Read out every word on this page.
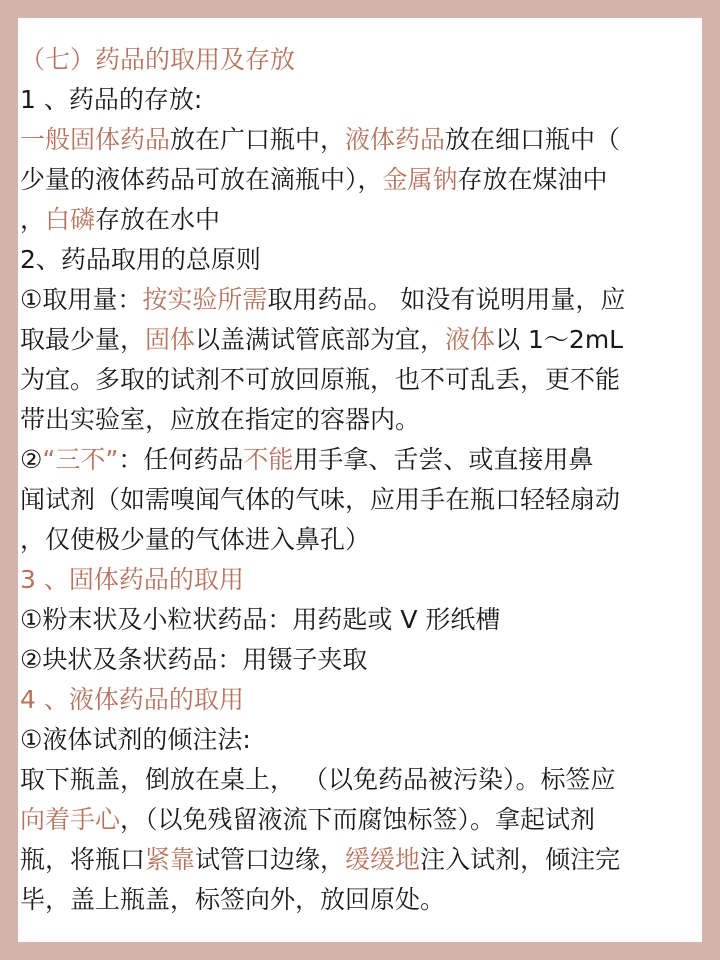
（七）药品的取用及存放
1 、药品的存放:
一般固体药品放在广口瓶中，液体药品放在细口瓶中（
少量的液体药品可放在滴瓶中），金属钠存放在煤油中
，白磷存放在水中
2、药品取用的总原则
①取用量：按实验所需取用药品。 如没有说明用量，应
取最少量，固体以盖满试管底部为宜，液体以 1～2mL
为宜。多取的试剂不可放回原瓶，也不可乱丢，更不能
带出实验室，应放在指定的容器内。
②“三不”：任何药品不能用手拿、舌尝、或直接用鼻
闻试剂（如需嗅闻气体的气味，应用手在瓶口轻轻扇动
，仅使极少量的气体进入鼻孔）
3 、固体药品的取用
①粉末状及小粒状药品：用药匙或 V 形纸槽
②块状及条状药品：用镊子夹取
4 、液体药品的取用
①液体试剂的倾注法:
取下瓶盖，倒放在桌上， （以免药品被污染）。标签应
向着手心，（以免残留液流下而腐蚀标签）。拿起试剂
瓶，将瓶口紧靠试管口边缘，缓缓地注入试剂，倾注完
毕，盖上瓶盖，标签向外，放回原处。
